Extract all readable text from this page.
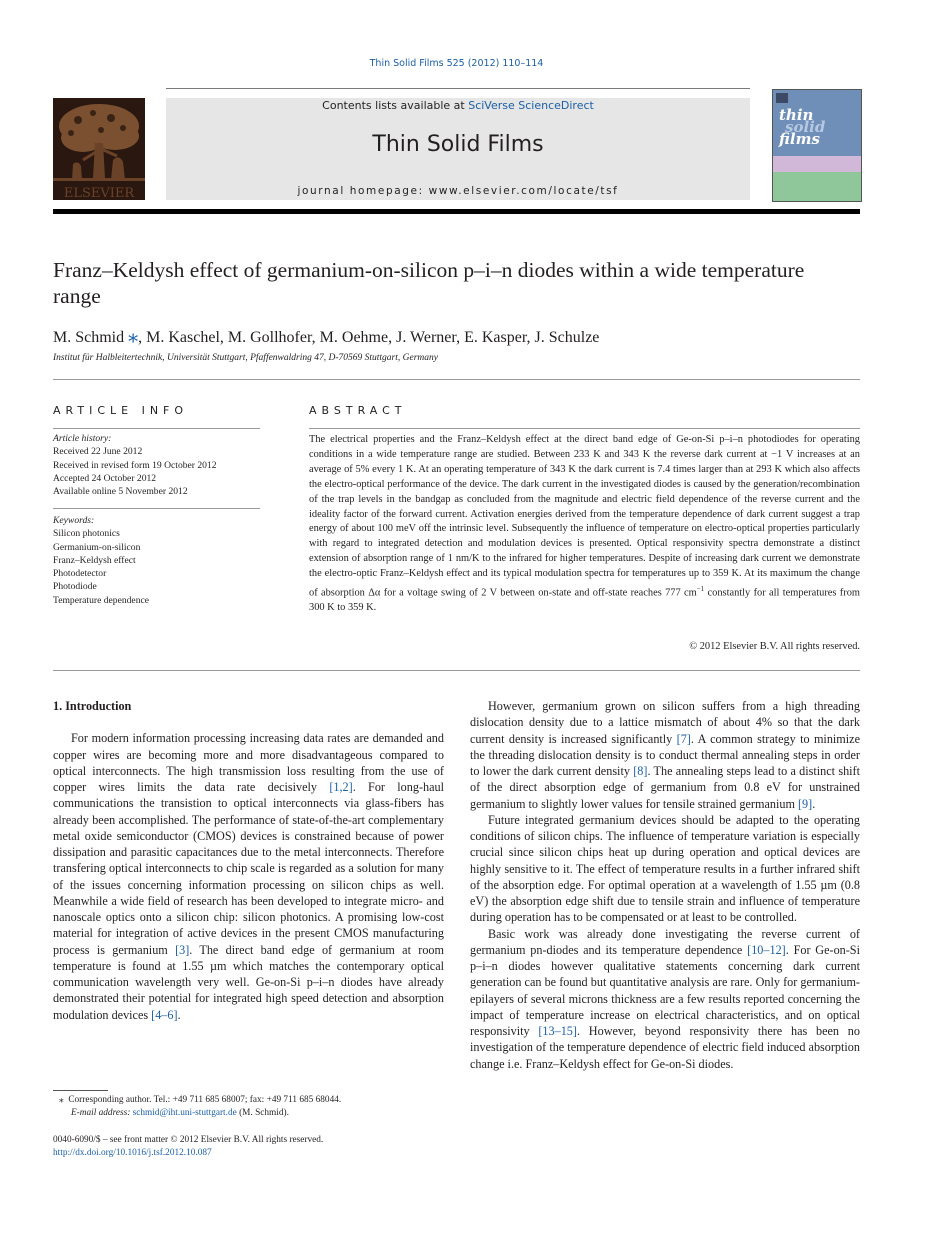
Thin Solid Films 525 (2012) 110–114
ELSEVIER
Contents lists available at SciVerse ScienceDirect
Thin Solid Films
journal homepage: www.elsevier.com/locate/tsf
thin
solid
films
Franz–Keldysh effect of germanium-on-silicon p–i–n diodes within a wide temperature range
M. Schmid ⁎, M. Kaschel, M. Gollhofer, M. Oehme, J. Werner, E. Kasper, J. Schulze
Institut für Halbleitertechnik, Universität Stuttgart, Pfaffenwaldring 47, D-70569 Stuttgart, Germany
ARTICLE INFO
Article history:
Received 22 June 2012
Received in revised form 19 October 2012
Accepted 24 October 2012
Available online 5 November 2012
Keywords:
Silicon photonics
Germanium-on-silicon
Franz–Keldysh effect
Photodetector
Photodiode
Temperature dependence
ABSTRACT
The electrical properties and the Franz–Keldysh effect at the direct band edge of Ge-on-Si p–i–n photodiodes for operating conditions in a wide temperature range are studied. Between 233 K and 343 K the reverse dark current at −1 V increases at an average of 5% every 1 K. At an operating temperature of 343 K the dark current is 7.4 times larger than at 293 K which also affects the electro-optical performance of the device. The dark current in the investigated diodes is caused by the generation/recombination of the trap levels in the bandgap as concluded from the magnitude and electric field dependence of the reverse current and the ideality factor of the forward current. Activation energies derived from the temperature dependence of dark current suggest a trap energy of about 100 meV off the intrinsic level. Subsequently the influence of temperature on electro-optical properties particularly with regard to integrated detection and modulation devices is presented. Optical responsivity spectra demonstrate a distinct extension of absorption range of 1 nm/K to the infrared for higher temperatures. Despite of increasing dark current we demonstrate the electro-optic Franz–Keldysh effect and its typical modulation spectra for temperatures up to 359 K. At its maximum the change of absorption Δα for a voltage swing of 2 V between on-state and off-state reaches 777 $cm^{-1}$ constantly for all temperatures from 300 K to 359 K.
© 2012 Elsevier B.V. All rights reserved.
1. Introduction

For modern information processing increasing data rates are demanded and copper wires are becoming more and more disadvantageous compared to optical interconnects. The high transmission loss resulting from the use of copper wires limits the data rate decisively [1,2]. For long-haul communications the transistion to optical interconnects via glass-fibers has already been accomplished. The performance of state-of-the-art complementary metal oxide semiconductor (CMOS) devices is constrained because of power dissipation and parasitic capacitances due to the metal interconnects. Therefore transfering optical interconnects to chip scale is regarded as a solution for many of the issues concerning information processing on silicon chips as well. Meanwhile a wide field of research has been developed to integrate micro- and nanoscale optics onto a silicon chip: silicon photonics. A promising low-cost material for integration of active devices in the present CMOS manufacturing process is germanium [3]. The direct band edge of germanium at room temperature is found at 1.55 µm which matches the contemporary optical communication wavelength very well. Ge-on-Si p–i–n diodes have already demonstrated their potential for integrated high speed detection and absorption modulation devices [4–6].

⁎ Corresponding author. Tel.: +49 711 685 68007; fax: +49 711 685 68044.
E-mail address: schmid@iht.uni-stuttgart.de (M. Schmid).
0040-6090/$ – see front matter © 2012 Elsevier B.V. All rights reserved.
http://dx.doi.org/10.1016/j.tsf.2012.10.087

However, germanium grown on silicon suffers from a high threading dislocation density due to a lattice mismatch of about 4% so that the dark current density is increased significantly [7]. A common strategy to minimize the threading dislocation density is to conduct thermal annealing steps in order to lower the dark current density [8]. The annealing steps lead to a distinct shift of the direct absorption edge of germanium from 0.8 eV for unstrained germanium to slightly lower values for tensile strained germanium [9].

Future integrated germanium devices should be adapted to the operating conditions of silicon chips. The influence of temperature variation is especially crucial since silicon chips heat up during operation and optical devices are highly sensitive to it. The effect of temperature results in a further infrared shift of the absorption edge. For optimal operation at a wavelength of 1.55 µm (0.8 eV) the absorption edge shift due to tensile strain and influence of temperature during operation has to be compensated or at least to be controlled.

Basic work was already done investigating the reverse current of germanium pn-diodes and its temperature dependence [10–12]. For Ge-on-Si p–i–n diodes however qualitative statements concerning dark current generation can be found but quantitative analysis are rare. Only for germanium-epilayers of several microns thickness are a few results reported concerning the impact of temperature increase on electrical characteristics, and on optical responsivity [13–15]. However, beyond responsivity there has been no investigation of the temperature dependence of electric field induced absorption change i.e. Franz–Keldysh effect for Ge-on-Si diodes.
